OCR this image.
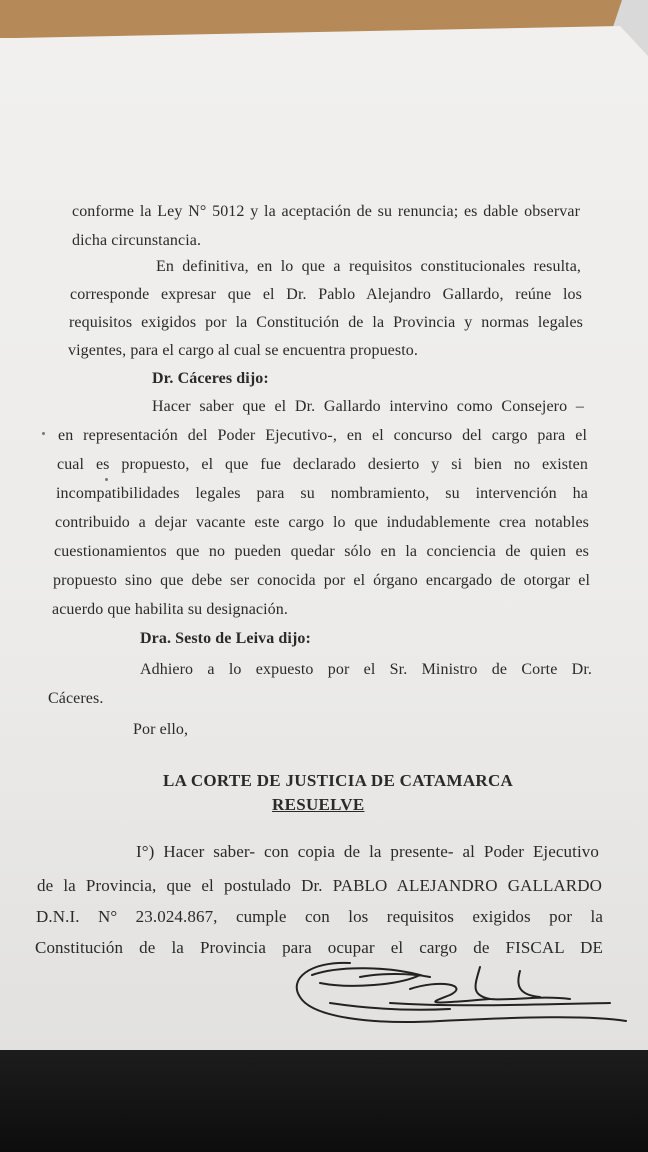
conforme la Ley N° 5012 y la aceptación de su renuncia; es dable observar
dicha circunstancia.
En definitiva, en lo que a requisitos constitucionales resulta,
corresponde expresar que el Dr. Pablo Alejandro Gallardo, reúne los
requisitos exigidos por la Constitución de la Provincia y normas legales
vigentes, para el cargo al cual se encuentra propuesto.
Dr. Cáceres dijo:
Hacer saber que el Dr. Gallardo intervino como Consejero –
en representación del Poder Ejecutivo-, en el concurso del cargo para el
cual es propuesto, el que fue declarado desierto y si bien no existen
incompatibilidades legales para su nombramiento, su intervención ha
contribuido a dejar vacante este cargo lo que indudablemente crea notables
cuestionamientos que no pueden quedar sólo en la conciencia de quien es
propuesto sino que debe ser conocida por el órgano encargado de otorgar el
acuerdo que habilita su designación.
Dra. Sesto de Leiva dijo:
Adhiero a lo expuesto por el Sr. Ministro de Corte Dr.
Cáceres.
Por ello,
LA CORTE DE JUSTICIA DE CATAMARCA
RESUELVE
I°) Hacer saber- con copia de la presente- al Poder Ejecutivo
de la Provincia, que el postulado Dr. PABLO ALEJANDRO GALLARDO
D.N.I. N° 23.024.867, cumple con los requisitos exigidos por la
Constitución de la Provincia para ocupar el cargo de FISCAL DE
